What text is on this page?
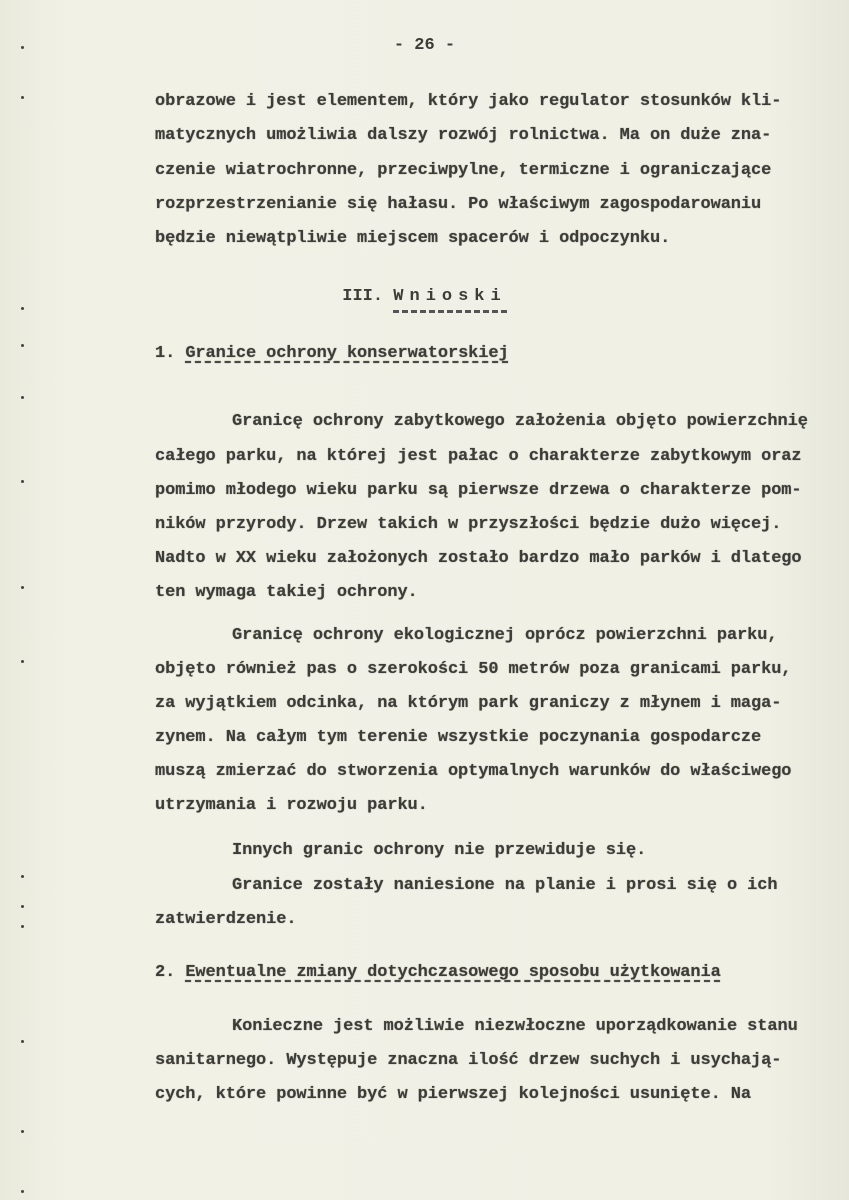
- 26 -
obrazowe i jest elementem, który jako regulator stosunków kli-
matycznych umożliwia dalszy rozwój rolnictwa. Ma on duże zna-
czenie wiatrochronne, przeciwpylne, termiczne i ograniczające
rozprzestrzenianie się hałasu. Po właściwym zagospodarowaniu
będzie niewątpliwie miejscem spacerów i odpoczynku.
III. Wnioski
1. Granice ochrony konserwatorskiej
Granicę ochrony zabytkowego założenia objęto powierzchnię
całego parku, na której jest pałac o charakterze zabytkowym oraz
pomimo młodego wieku parku są pierwsze drzewa o charakterze pom-
ników przyrody. Drzew takich w przyszłości będzie dużo więcej.
Nadto w XX wieku założonych zostało bardzo mało parków i dlatego
ten wymaga takiej ochrony.
Granicę ochrony ekologicznej oprócz powierzchni parku,
objęto również pas o szerokości 50 metrów poza granicami parku,
za wyjątkiem odcinka, na którym park graniczy z młynem i maga-
zynem. Na całym tym terenie wszystkie poczynania gospodarcze
muszą zmierzać do stworzenia optymalnych warunków do właściwego
utrzymania i rozwoju parku.
Innych granic ochrony nie przewiduje się.
Granice zostały naniesione na planie i prosi się o ich
zatwierdzenie.
2. Ewentualne zmiany dotychczasowego sposobu użytkowania
Konieczne jest możliwie niezwłoczne uporządkowanie stanu
sanitarnego. Występuje znaczna ilość drzew suchych i usychają-
cych, które powinne być w pierwszej kolejności usunięte. Na
